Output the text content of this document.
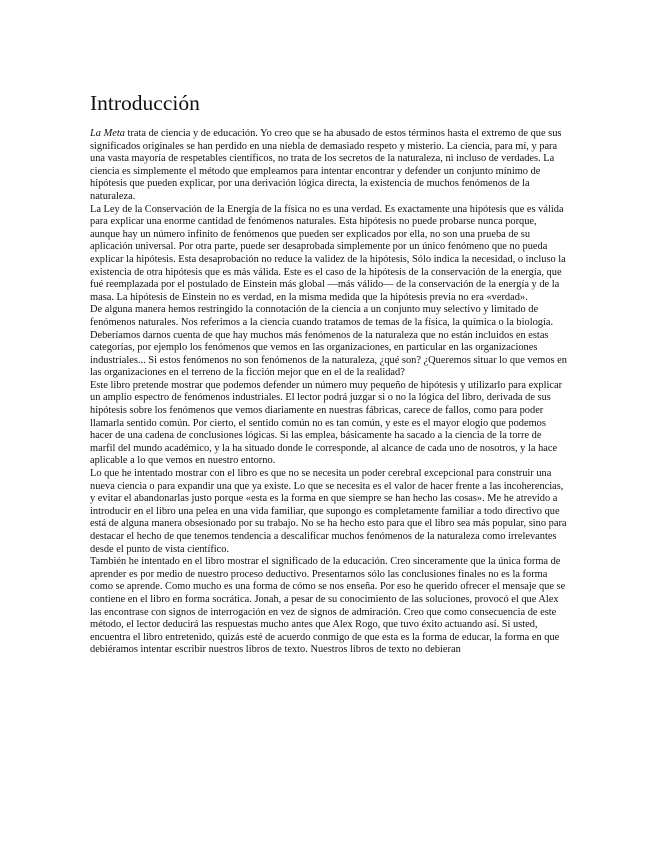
Introducción

La Meta trata de ciencia y de educación. Yo creo que se ha abusado de estos términos hasta el extremo de que sus significados originales se han perdido en una niebla de demasiado respeto y misterio. La ciencia, para mí, y para una vasta mayoría de respetables científicos, no trata de los secretos de la naturaleza, ni incluso de verdades. La ciencia es simplemente el método que empleamos para intentar encontrar y defender un conjunto mínimo de hipótesis que pueden explicar, por una derivación lógica directa, la existencia de muchos fenómenos de la naturaleza.

La Ley de la Conservación de la Energía de la física no es una verdad. Es exactamente una hipótesis que es válida para explicar una enorme cantidad de fenómenos naturales. Esta hipótesis no puede probarse nunca porque, aunque hay un número infinito de fenómenos que pueden ser explicados por ella, no son una prueba de su aplicación universal. Por otra parte, puede ser desaprobada simplemente por un único fenómeno que no pueda explicar la hipótesis. Esta desaprobación no reduce la validez de la hipótesis, Sólo indica la necesidad, o incluso la existencia de otra hipótesis que es más válida. Este es el caso de la hipótesis de la conservación de la energía, que fué reemplazada por el postulado de Einstein más global —más válido— de la conservación de la energía y de la masa. La hipótesis de Einstein no es verdad, en la misma medida que la hipótesis previa no era «verdad».

De alguna manera hemos restringido la connotación de la ciencia a un conjunto muy selectivo y limitado de fenómenos naturales. Nos referimos a la ciencia cuando tratamos de temas de la física, la química o la biología. Deberíamos darnos cuenta de que hay muchos más fenómenos de la naturaleza que no están incluidos en estas categorías, por ejemplo los fenómenos que vemos en las organizaciones, en particular en las organizaciones industriales... Si estos fenómenos no son fenómenos de la naturaleza, ¿qué son? ¿Queremos situar lo que vemos en las organizaciones en el terreno de la ficción mejor que en el de la realidad?

Este libro pretende mostrar que podemos defender un número muy pequeño de hipótesis y utilizarlo para explicar un amplio espectro de fenómenos industriales. El lector podrá juzgar si o no la lógica del libro, derivada de sus hipótesis sobre los fenómenos que vemos diariamente en nuestras fábricas, carece de fallos, como para poder llamarla sentido común. Por cierto, el sentido común no es tan común, y este es el mayor elogio que podemos hacer de una cadena de conclusiones lógicas. Si las emplea, básicamente ha sacado a la ciencia de la torre de marfil del mundo académico, y la ha situado donde le corresponde, al alcance de cada uno de nosotros, y la hace aplicable a lo que vemos en nuestro entorno.

Lo que he intentado mostrar con el libro es que no se necesita un poder cerebral excepcional para construir una nueva ciencia o para expandir una que ya existe. Lo que se necesita es el valor de hacer frente a las incoherencias, y evitar el abandonarlas justo porque «esta es la forma en que siempre se han hecho las cosas». Me he atrevido a introducir en el libro una pelea en una vida familiar, que supongo es completamente familiar a todo directivo que está de alguna manera obsesionado por su trabajo. No se ha hecho esto para que el libro sea más popular, sino para destacar el hecho de que tenemos tendencia a descalificar muchos fenómenos de la naturaleza como irrelevantes desde el punto de vista científico.

También he intentado en el libro mostrar el significado de la educación. Creo sinceramente que la única forma de aprender es por medio de nuestro proceso deductivo. Presentarnos sólo las conclusiones finales no es la forma como se aprende. Como mucho es una forma de cómo se nos enseña. Por eso he querido ofrecer el mensaje que se contiene en el libro en forma socrática. Jonah, a pesar de su conocimiento de las soluciones, provocó el que Alex las encontrase con signos de interrogación en vez de signos de admiración. Creo que como consecuencia de este método, el lector deducirá las respuestas mucho antes que Alex Rogo, que tuvo éxito actuando así. Si usted, encuentra el libro entretenido, quizás esté de acuerdo conmigo de que esta es la forma de educar, la forma en que debiéramos intentar escribir nuestros libros de texto. Nuestros libros de texto no debieran
